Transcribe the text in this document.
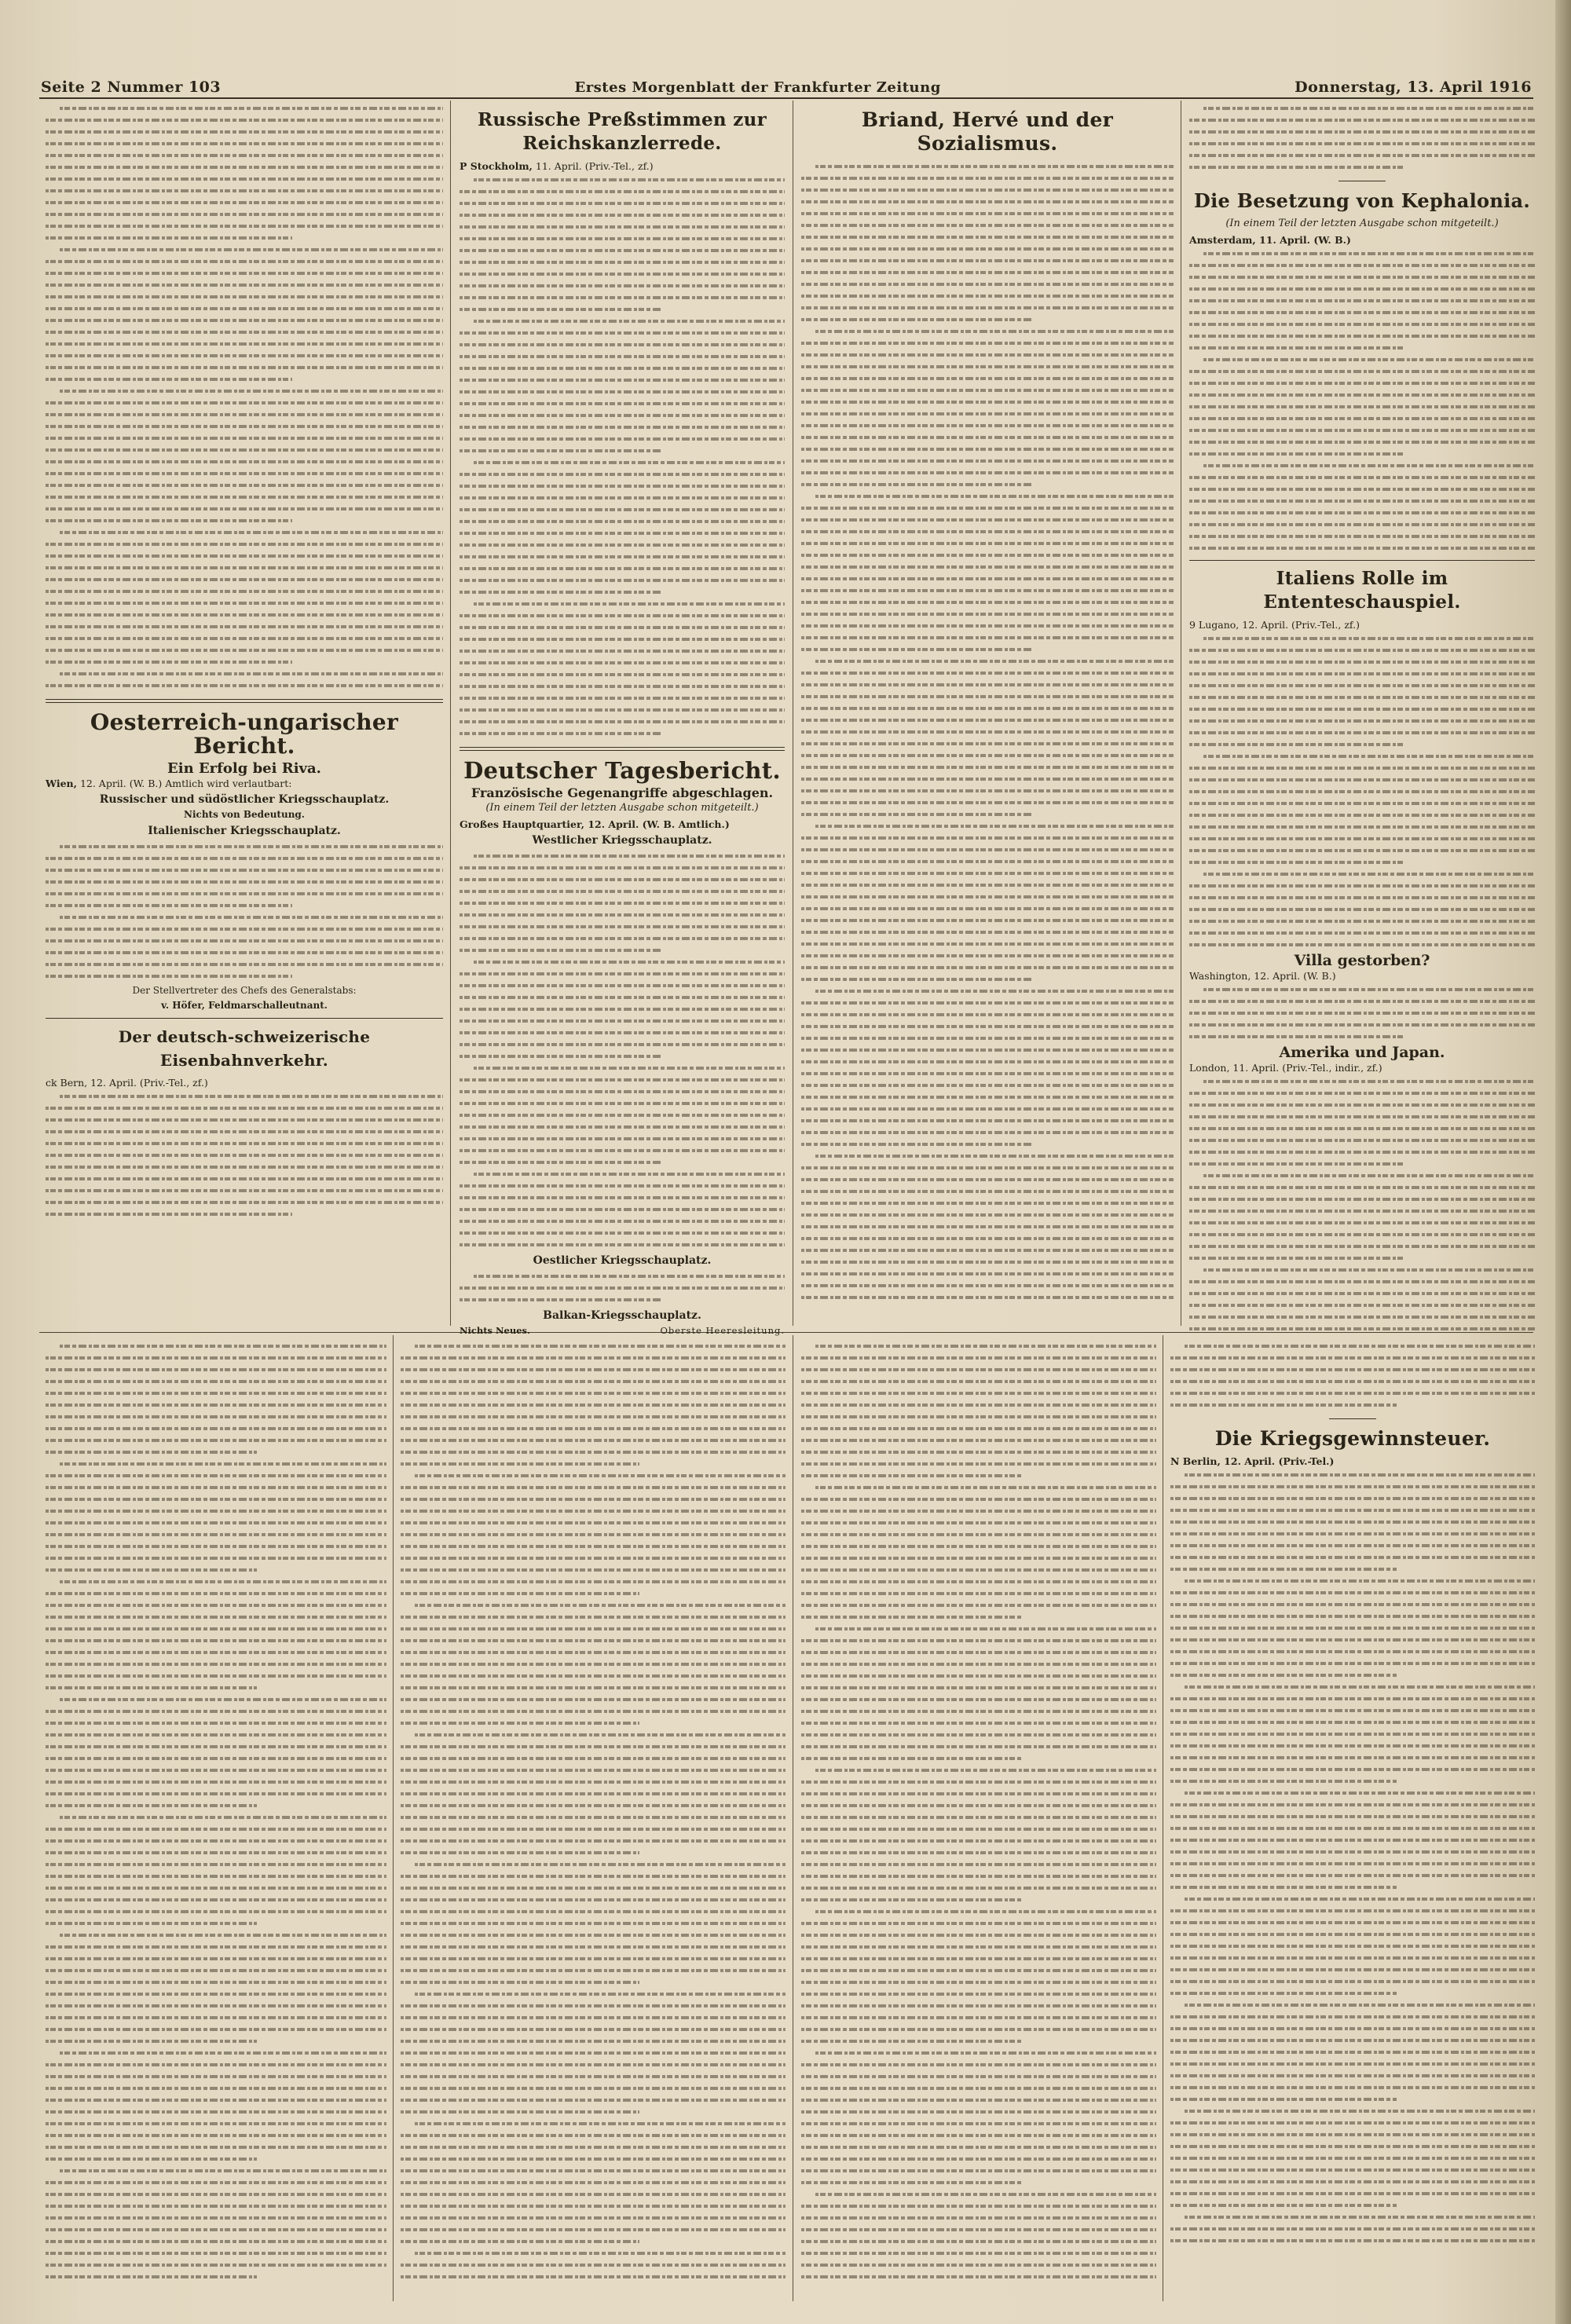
Seite 2 Nummer 103	Erstes Morgenblatt der Frankfurter Zeitung	Donnerstag, 13. April 1916
Oesterreich-ungarischer Bericht.
Ein Erfolg bei Riva.
Wien, 12. April. (W. B.) Amtlich wird verlautbart:
Russischer und südöstlicher Kriegsschauplatz.
Nichts von Bedeutung.
Italienischer Kriegsschauplatz.
Der Stellvertreter des Chefs des Generalstabs:
v. Höfer, Feldmarschalleutnant.
Der deutsch-schweizerische Eisenbahnverkehr.
ck Bern, 12. April. (Priv.-Tel., zf.)
Russische Preßstimmen zur Reichskanzlerrede.
P Stockholm, 11. April. (Priv.-Tel., zf.)
Deutscher Tagesbericht.
Französische Gegenangriffe abgeschlagen.
(In einem Teil der letzten Ausgabe schon mitgeteilt.)
Großes Hauptquartier, 12. April. (W. B. Amtlich.)
Westlicher Kriegsschauplatz.
Oestlicher Kriegsschauplatz.
Balkan-Kriegsschauplatz.
Nichts Neues.	Oberste Heeresleitung.
Briand, Hervé und der Sozialismus.
Die Besetzung von Kephalonia.
(In einem Teil der letzten Ausgabe schon mitgeteilt.)
Amsterdam, 11. April. (W. B.)
Italiens Rolle im Ententeschauspiel.
9 Lugano, 12. April. (Priv.-Tel., zf.)
Villa gestorben?
Washington, 12. April. (W. B.)
Amerika und Japan.
London, 11. April. (Priv.-Tel., indir., zf.)
Die Kriegsgewinnsteuer.
N Berlin, 12. April. (Priv.-Tel.)
